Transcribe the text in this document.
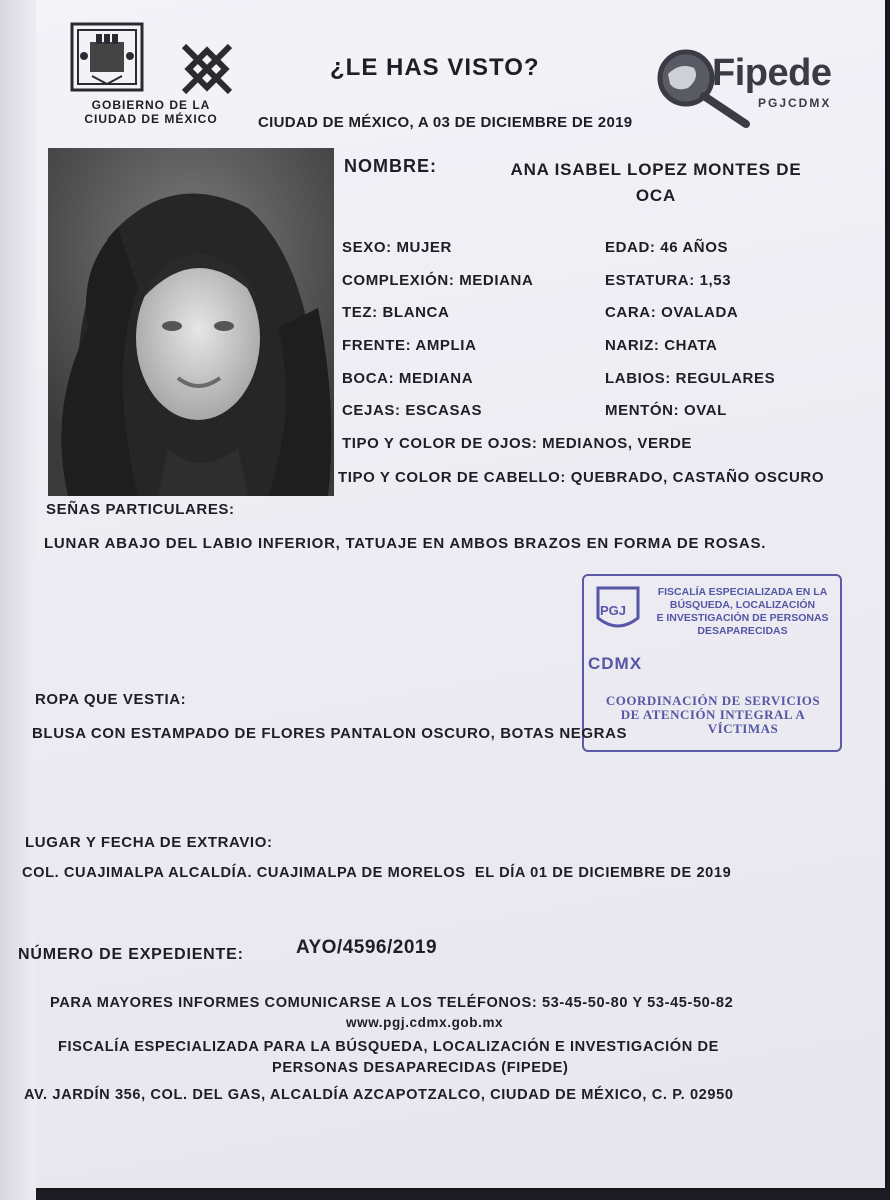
GOBIERNO DE LA
CIUDAD DE MÉXICO
¿LE HAS VISTO?
CIUDAD DE MÉXICO, A 03 DE DICIEMBRE DE 2019
Fipede
PGJCDMX
NOMBRE:	ANA ISABEL LOPEZ MONTES DE
OCA
SEXO: MUJER	EDAD: 46 AÑOS
COMPLEXIÓN: MEDIANA	ESTATURA: 1,53
TEZ: BLANCA	CARA: OVALADA
FRENTE: AMPLIA	NARIZ: CHATA
BOCA: MEDIANA	LABIOS: REGULARES
CEJAS: ESCASAS	MENTÓN: OVAL
TIPO Y COLOR DE OJOS: MEDIANOS, VERDE
TIPO Y COLOR DE CABELLO: QUEBRADO, CASTAÑO OSCURO
SEÑAS PARTICULARES:
LUNAR ABAJO DEL LABIO INFERIOR, TATUAJE EN AMBOS BRAZOS EN FORMA DE ROSAS.
PGJ
FISCALÍA ESPECIALIZADA EN LA
BÚSQUEDA, LOCALIZACIÓN
E INVESTIGACIÓN DE PERSONAS
DESAPARECIDAS
CDMX
COORDINACIÓN DE SERVICIOS
DE ATENCIÓN INTEGRAL A
VÍCTIMAS
ROPA QUE VESTIA:
BLUSA CON ESTAMPADO DE FLORES PANTALON OSCURO, BOTAS NEGRAS
LUGAR Y FECHA DE EXTRAVIO:
COL. CUAJIMALPA ALCALDÍA. CUAJIMALPA DE MORELOS  EL DÍA 01 DE DICIEMBRE DE 2019
NÚMERO DE EXPEDIENTE:	AYO/4596/2019
PARA MAYORES INFORMES COMUNICARSE A LOS TELÉFONOS: 53-45-50-80 Y 53-45-50-82
www.pgj.cdmx.gob.mx
FISCALÍA ESPECIALIZADA PARA LA BÚSQUEDA, LOCALIZACIÓN E INVESTIGACIÓN DE
PERSONAS DESAPARECIDAS (FIPEDE)
AV. JARDÍN 356, COL. DEL GAS, ALCALDÍA AZCAPOTZALCO, CIUDAD DE MÉXICO, C. P. 02950
